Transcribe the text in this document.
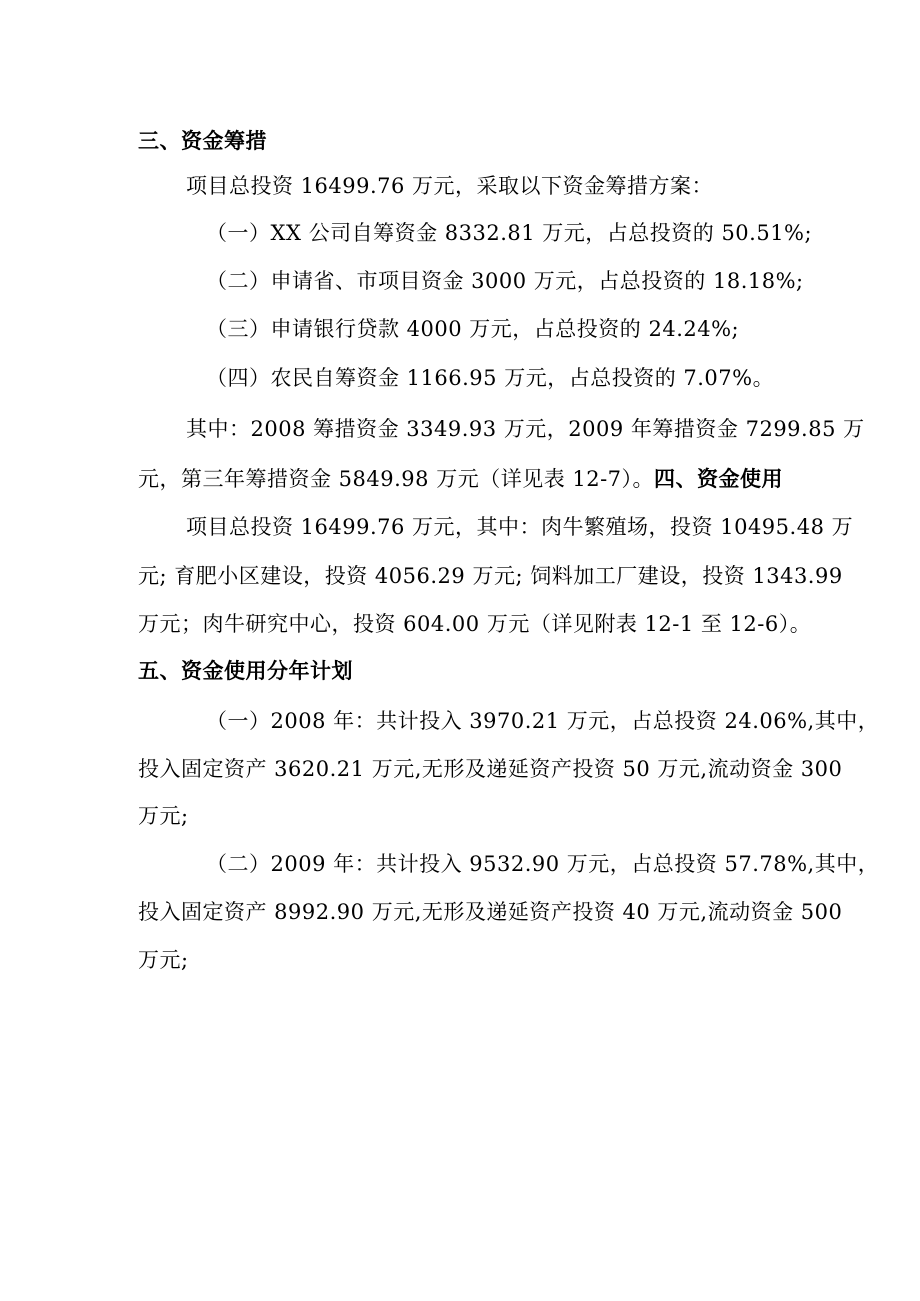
三、资金筹措
项目总投资 16499.76 万元，采取以下资金筹措方案：
（一）XX 公司自筹资金 8332.81 万元，占总投资的 50.51%;
（二）申请省、市项目资金 3000 万元，占总投资的 18.18%;
（三）申请银行贷款 4000 万元，占总投资的 24.24%;
（四）农民自筹资金 1166.95 万元，占总投资的 7.07%。
其中：2008 筹措资金 3349.93 万元，2009 年筹措资金 7299.85 万
元，第三年筹措资金 5849.98 万元（详见表 12-7）。四、资金使用
项目总投资 16499.76 万元，其中：肉牛繁殖场，投资 10495.48 万
元; 育肥小区建设，投资 4056.29 万元; 饲料加工厂建设，投资 1343.99
万元；肉牛研究中心，投资 604.00 万元（详见附表 12-1 至 12-6）。
五、资金使用分年计划
（一）2008 年：共计投入 3970.21 万元，占总投资 24.06%,其中，
投入固定资产 3620.21 万元,无形及递延资产投资 50 万元,流动资金 300
万元;
（二）2009 年：共计投入 9532.90 万元，占总投资 57.78%,其中，
投入固定资产 8992.90 万元,无形及递延资产投资 40 万元,流动资金 500
万元;
